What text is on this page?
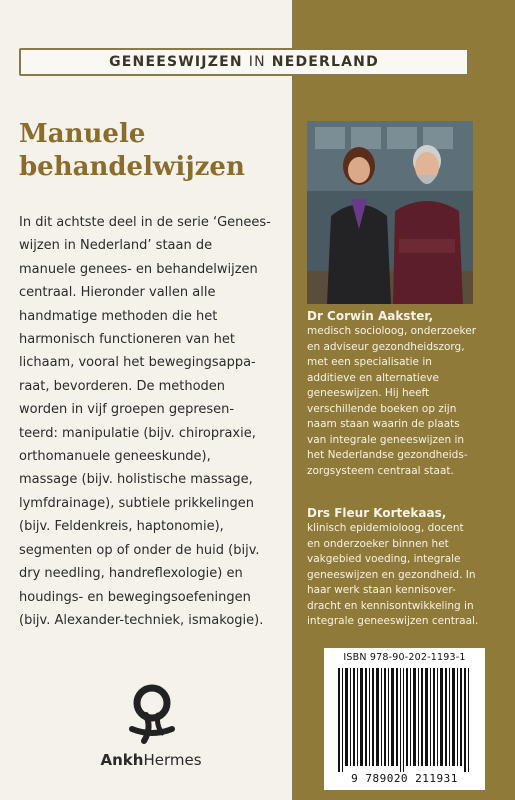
GENEESWIJZEN IN NEDERLAND
Manuele
behandelwijzen
In dit achtste deel in de serie ‘Genees-
wijzen in Nederland’ staan de
manuele genees- en behandelwijzen
centraal. Hieronder vallen alle
handmatige methoden die het
harmonisch functioneren van het
lichaam, vooral het bewegingsappa-
raat, bevorderen. De methoden
worden in vijf groepen gepresen-
teerd: manipulatie (bijv. chiropraxie,
orthomanuele geneeskunde),
massage (bijv. holistische massage,
lymfdrainage), subtiele prikkelingen
(bijv. Feldenkreis, haptonomie),
segmenten op of onder de huid (bijv.
dry needling, handreflexologie) en
houdings- en bewegingsoefeningen
(bijv. Alexander-techniek, ismakogie).
Dr Corwin Aakster,
medisch socioloog, onderzoeker
en adviseur gezondheidszorg,
met een specialisatie in
additieve en alternatieve
geneeswijzen. Hij heeft
verschillende boeken op zijn
naam staan waarin de plaats
van integrale geneeswijzen in
het Nederlandse gezondheids-
zorgsysteem centraal staat.
Drs Fleur Kortekaas,
klinisch epidemioloog, docent
en onderzoeker binnen het
vakgebied voeding, integrale
geneeswijzen en gezondheid. In
haar werk staan kennisover-
dracht en kennisontwikkeling in
integrale geneeswijzen centraal.
ISBN 978-90-202-1193-1
9 789020 211931
AnkhHermes
